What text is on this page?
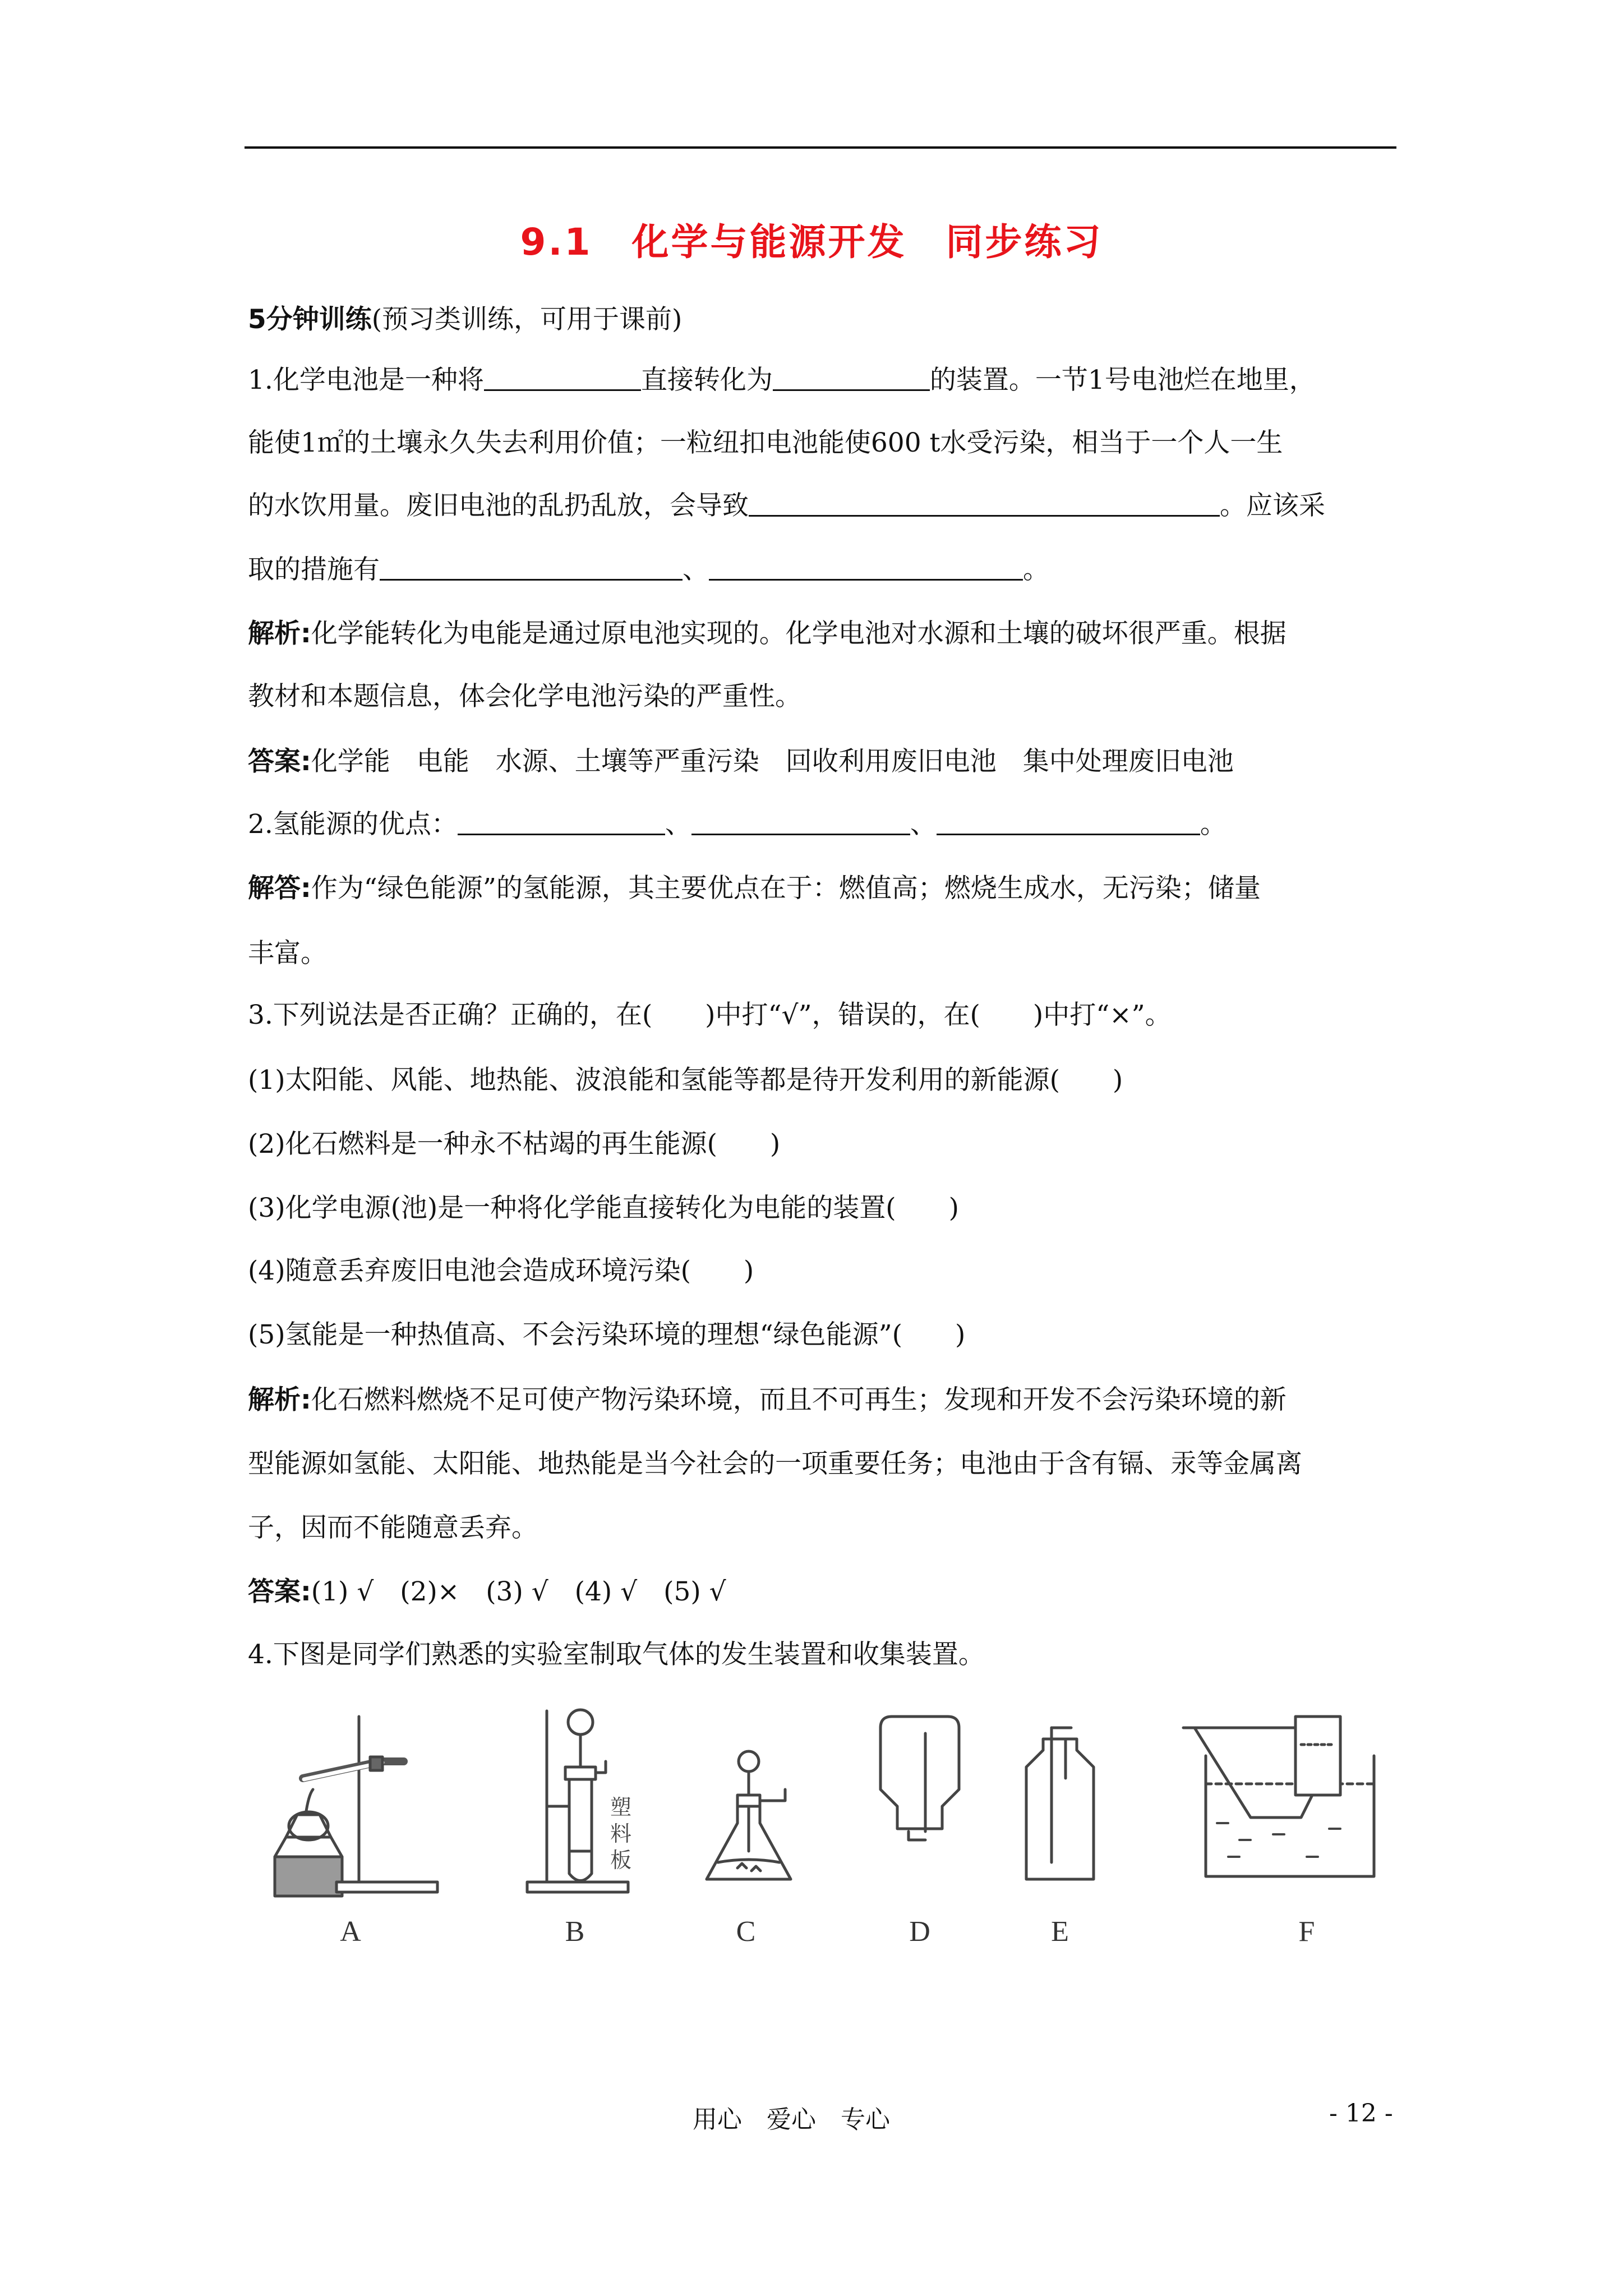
9.1　化学与能源开发　同步练习
5分钟训练(预习类训练，可用于课前)
1.化学电池是一种将	直接转化为	的装置。一节1号电池烂在地里，
能使1㎡的土壤永久失去利用价值；一粒纽扣电池能使600 t水受污染，相当于一个人一生
的水饮用量。废旧电池的乱扔乱放，会导致	。应该采
取的措施有	、	。
解析:化学能转化为电能是通过原电池实现的。化学电池对水源和土壤的破坏很严重。根据
教材和本题信息，体会化学电池污染的严重性。
答案:化学能　电能　水源、土壤等严重污染　回收利用废旧电池　集中处理废旧电池
2.氢能源的优点：	、	、	。
解答:作为“绿色能源”的氢能源，其主要优点在于：燃值高；燃烧生成水，无污染；储量
丰富。
3.下列说法是否正确？正确的，在(　　)中打“√”，错误的，在(　　)中打“×”。
(1)太阳能、风能、地热能、波浪能和氢能等都是待开发利用的新能源(　　)
(2)化石燃料是一种永不枯竭的再生能源(　　)
(3)化学电源(池)是一种将化学能直接转化为电能的装置(　　)
(4)随意丢弃废旧电池会造成环境污染(　　)
(5)氢能是一种热值高、不会污染环境的理想“绿色能源”(　　)
解析:化石燃料燃烧不足可使产物污染环境，而且不可再生；发现和开发不会污染环境的新
型能源如氢能、太阳能、地热能是当今社会的一项重要任务；电池由于含有镉、汞等金属离
子，因而不能随意丢弃。
答案:(1) √　(2)×　(3) √　(4) √　(5) √
4.下图是同学们熟悉的实验室制取气体的发生装置和收集装置。
塑
料
板
A	B	C	D	E	F
用心　爱心　专心	- 12 -
